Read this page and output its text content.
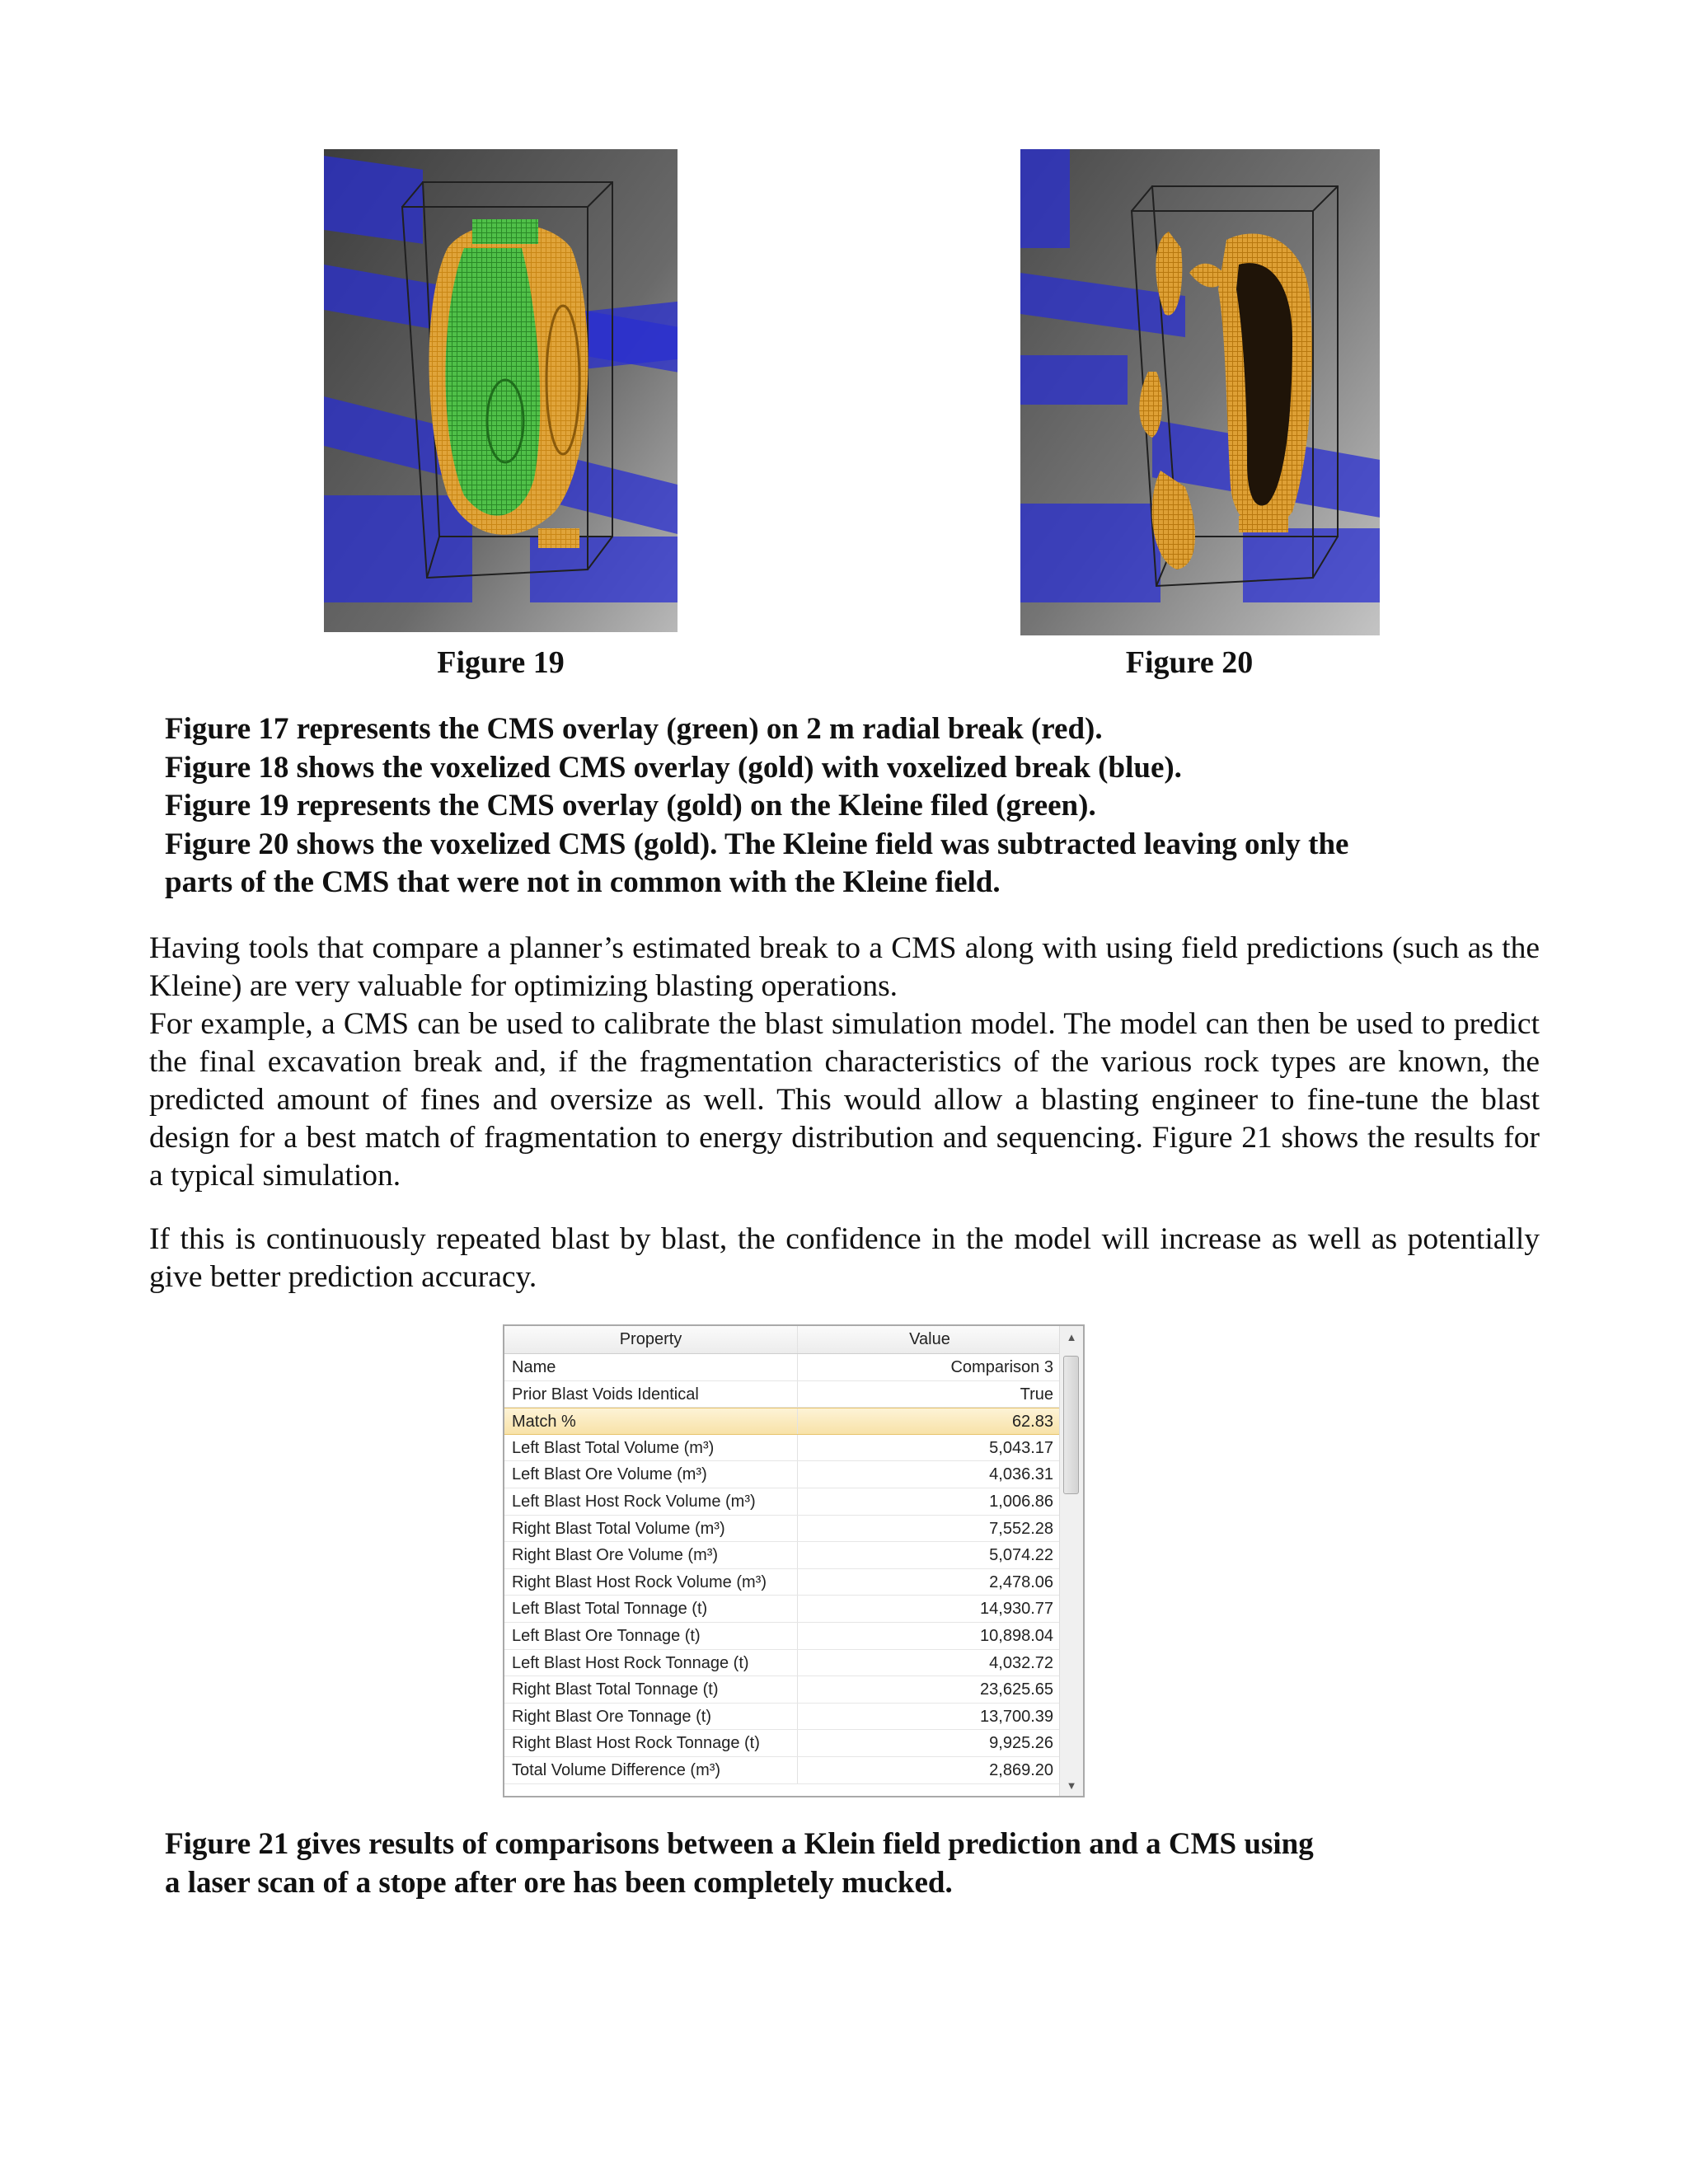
Figure 19	Figure 20
Figure 17 represents the CMS overlay (green) on 2 m radial break (red).
Figure 18 shows the voxelized CMS overlay (gold) with voxelized break (blue).
Figure 19 represents the CMS overlay (gold) on the Kleine filed (green).
Figure 20 shows the voxelized CMS (gold). The Kleine field was subtracted leaving only the
parts of the CMS that were not in common with the Kleine field.

Having tools that compare a planner’s estimated break to a CMS along with using field predictions (such as the Kleine) are very valuable for optimizing blasting operations.

For example, a CMS can be used to calibrate the blast simulation model. The model can then be used to predict the final excavation break and, if the fragmentation characteristics of the various rock types are known, the predicted amount of fines and oversize as well. This would allow a blasting engineer to fine-tune the blast design for a best match of fragmentation to energy distribution and sequencing. Figure 21 shows the results for a typical simulation.

If this is continuously repeated blast by blast, the confidence in the model will increase as well as potentially give better prediction accuracy.

Property	Value
Name	Comparison 3
Prior Blast Voids Identical	True
Match %	62.83
Left Blast Total Volume (m³)	5,043.17
Left Blast Ore Volume (m³)	4,036.31
Left Blast Host Rock Volume (m³)	1,006.86
Right Blast Total Volume (m³)	7,552.28
Right Blast Ore Volume (m³)	5,074.22
Right Blast Host Rock Volume (m³)	2,478.06
Left Blast Total Tonnage (t)	14,930.77
Left Blast Ore Tonnage (t)	10,898.04
Left Blast Host Rock Tonnage (t)	4,032.72
Right Blast Total Tonnage (t)	23,625.65
Right Blast Ore Tonnage (t)	13,700.39
Right Blast Host Rock Tonnage (t)	9,925.26
Total Volume Difference (m³)	2,869.20
▲
▼
Figure 21 gives results of comparisons between a Klein field prediction and a CMS using
a laser scan of a stope after ore has been completely mucked.
